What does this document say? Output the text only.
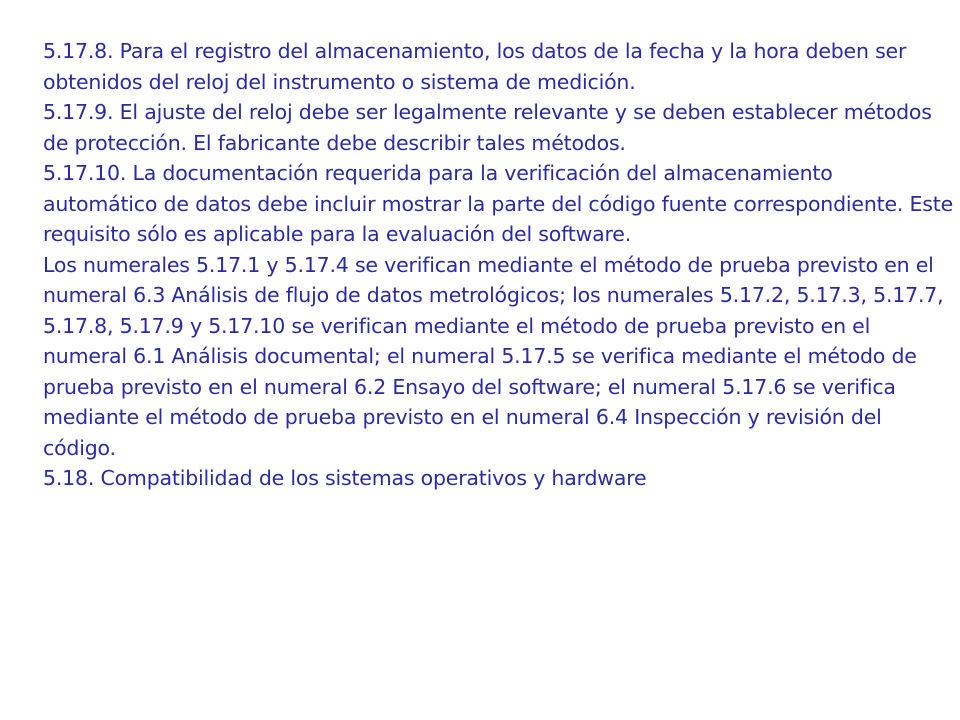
5.17.8. Para el registro del almacenamiento, los datos de la fecha y la hora deben ser obtenidos del reloj del instrumento o sistema de medición.

5.17.9. El ajuste del reloj debe ser legalmente relevante y se deben establecer métodos de protección. El fabricante debe describir tales métodos.

5.17.10. La documentación requerida para la verificación del almacenamiento automático de datos debe incluir mostrar la parte del código fuente correspondiente. Este requisito sólo es aplicable para la evaluación del software.

Los numerales 5.17.1 y 5.17.4 se verifican mediante el método de prueba previsto en el numeral 6.3 Análisis de flujo de datos metrológicos; los numerales 5.17.2, 5.17.3, 5.17.7, 5.17.8, 5.17.9 y 5.17.10 se verifican mediante el método de prueba previsto en el numeral 6.1 Análisis documental; el numeral 5.17.5 se verifica mediante el método de prueba previsto en el numeral 6.2 Ensayo del software; el numeral 5.17.6 se verifica mediante el método de prueba previsto en el numeral 6.4 Inspección y revisión del código.

5.18. Compatibilidad de los sistemas operativos y hardware
